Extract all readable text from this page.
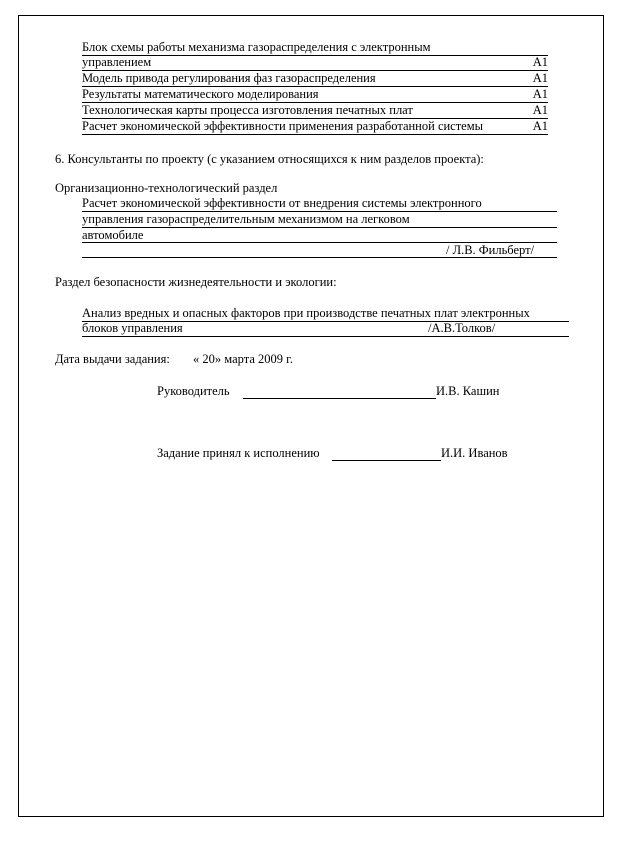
Блок схемы работы механизма газораспределения с электронным
управлением	А1
Модель привода регулирования фаз газораспределения	А1
Результаты математического моделирования	А1
Технологическая карты процесса изготовления печатных плат	А1
Расчет экономической эффективности применения разработанной системы	А1
6. Консультанты по проекту (с указанием относящихся к ним разделов проекта):
Организационно-технологический раздел
Расчет экономической эффективности от внедрения системы электронного
управления газораспределительным механизмом на легковом
автомобиле
/ Л.В. Фильберт/
Раздел безопасности жизнедеятельности и экологии:
Анализ вредных и опасных факторов при производстве печатных плат электронных
блоков управления	/А.В.Толков/
Дата выдачи задания: « 20» марта 2009 г.
Руководитель	И.В. Кашин
Задание принял к исполнению	И.И. Иванов
